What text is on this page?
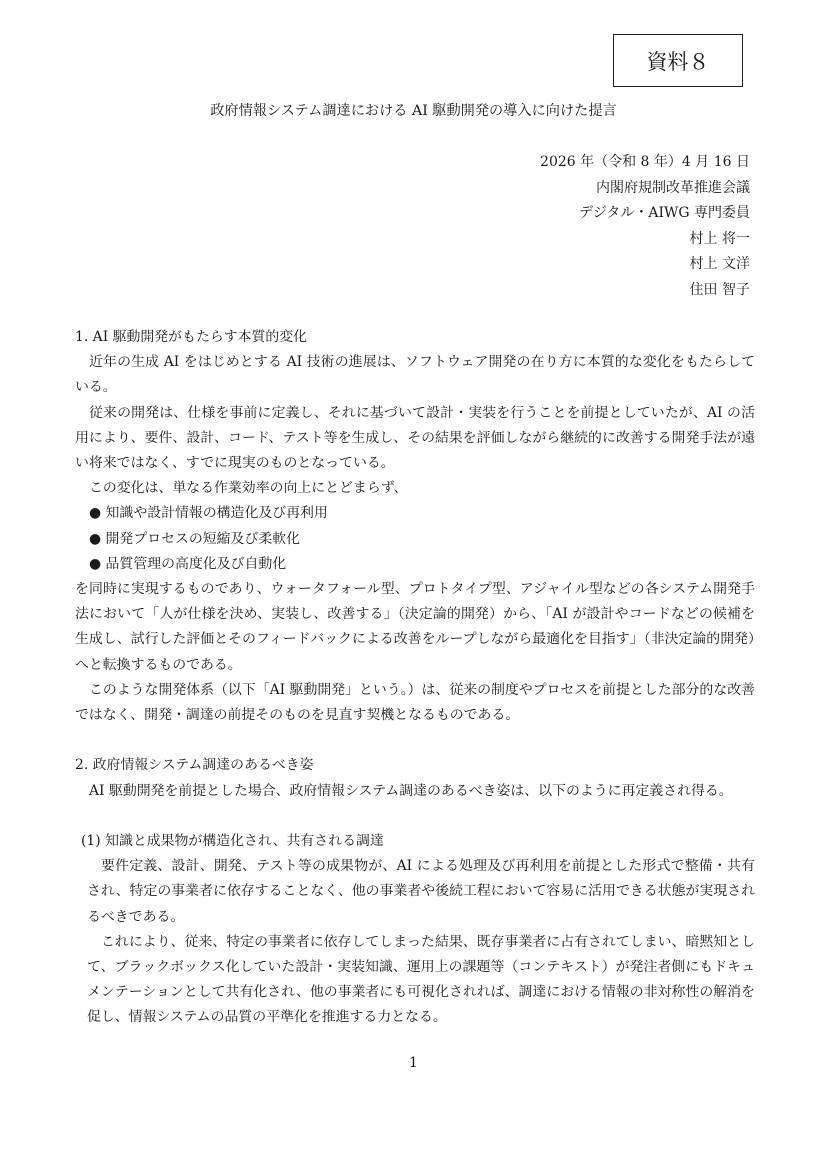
資料８
政府情報システム調達における AI 駆動開発の導入に向けた提言
2026 年（令和 8 年）4 月 16 日
内閣府規制改革推進会議
デジタル・AIWG 専門委員
村上 将一
村上 文洋
住田 智子
1. AI 駆動開発がもたらす本質的変化

近年の生成 AI をはじめとする AI 技術の進展は、ソフトウェア開発の在り方に本質的な変化をもたらしている。

従来の開発は、仕様を事前に定義し、それに基づいて設計・実装を行うことを前提としていたが、AI の活用により、要件、設計、コード、テスト等を生成し、その結果を評価しながら継続的に改善する開発手法が遠い将来ではなく、すでに現実のものとなっている。

この変化は、単なる作業効率の向上にとどまらず、

● 知識や設計情報の構造化及び再利用
● 開発プロセスの短縮及び柔軟化
● 品質管理の高度化及び自動化

を同時に実現するものであり、ウォータフォール型、プロトタイプ型、アジャイル型などの各システム開発手法において「人が仕様を決め、実装し、改善する」（決定論的開発）から、「AI が設計やコードなどの候補を生成し、試行した評価とそのフィードバックによる改善をループしながら最適化を目指す」（非決定論的開発）へと転換するものである。

このような開発体系（以下「AI 駆動開発」という。）は、従来の制度やプロセスを前提とした部分的な改善ではなく、開発・調達の前提そのものを見直す契機となるものである。

2. 政府情報システム調達のあるべき姿

AI 駆動開発を前提とした場合、政府情報システム調達のあるべき姿は、以下のように再定義され得る。

(1) 知識と成果物が構造化され、共有される調達

要件定義、設計、開発、テスト等の成果物が、AI による処理及び再利用を前提とした形式で整備・共有され、特定の事業者に依存することなく、他の事業者や後続工程において容易に活用できる状態が実現されるべきである。

これにより、従来、特定の事業者に依存してしまった結果、既存事業者に占有されてしまい、暗黙知として、ブラックボックス化していた設計・実装知識、運用上の課題等（コンテキスト）が発注者側にもドキュメンテーションとして共有化され、他の事業者にも可視化されれば、調達における情報の非対称性の解消を促し、情報システムの品質の平準化を推進する力となる。

1
